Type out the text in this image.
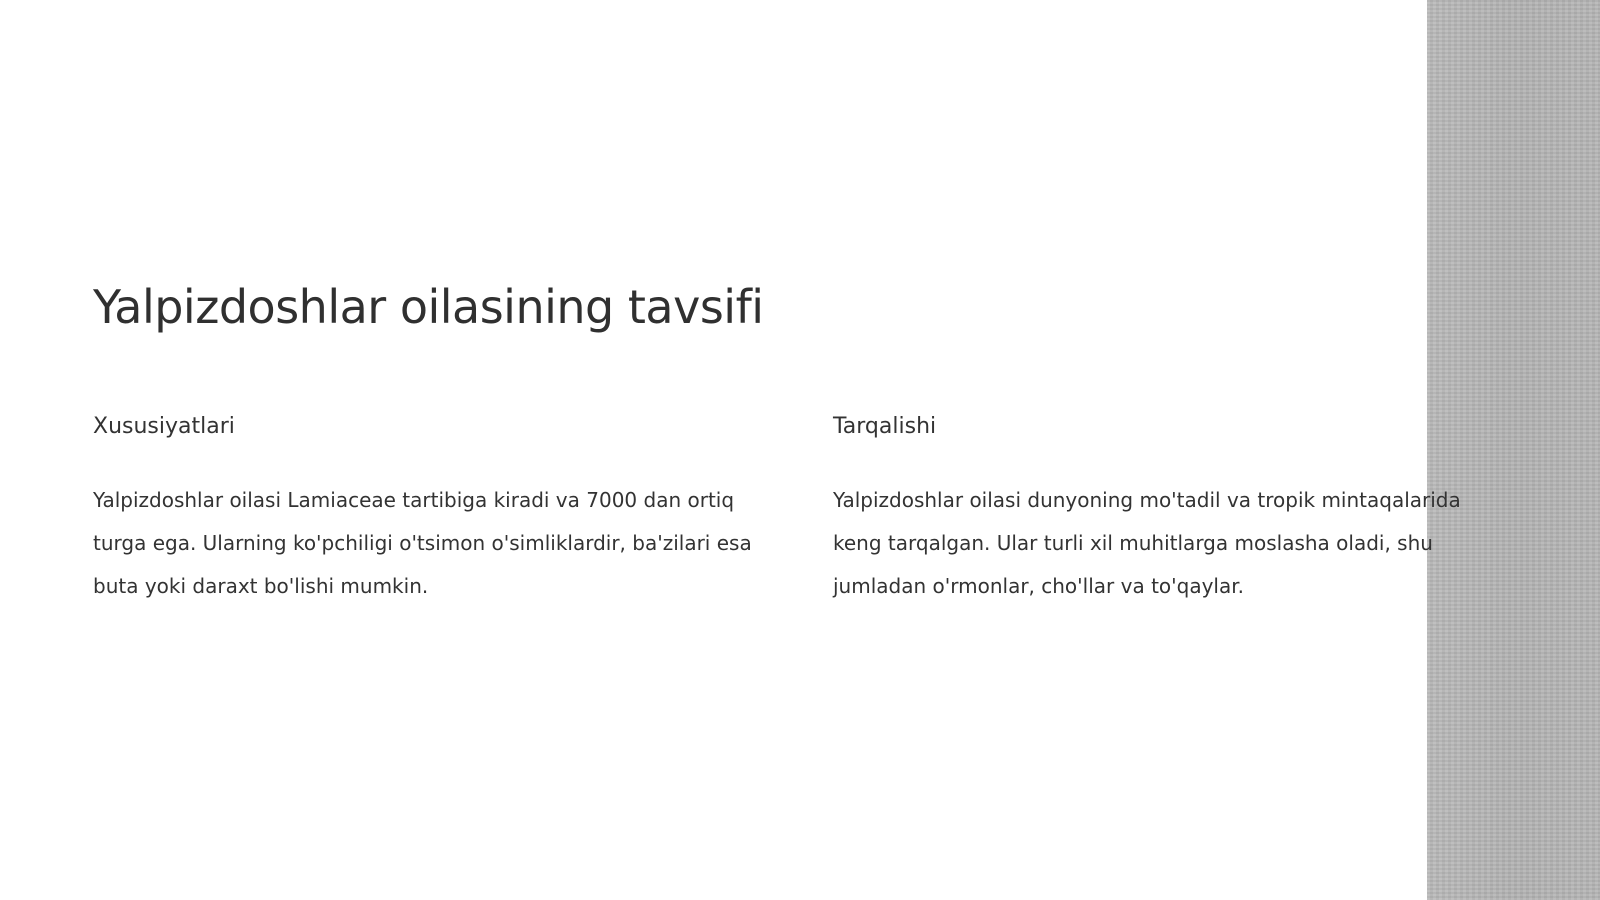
Yalpizdoshlar oilasining tavsifi
Xususiyatlari

Yalpizdoshlar oilasi Lamiaceae tartibiga kiradi va 7000 dan ortiq turga ega. Ularning ko'pchiligi o'tsimon o'simliklardir, ba'zilari esa buta yoki daraxt bo'lishi mumkin.

Tarqalishi

Yalpizdoshlar oilasi dunyoning mo'tadil va tropik mintaqalarida keng tarqalgan. Ular turli xil muhitlarga moslasha oladi, shu jumladan o'rmonlar, cho'llar va to'qaylar.
